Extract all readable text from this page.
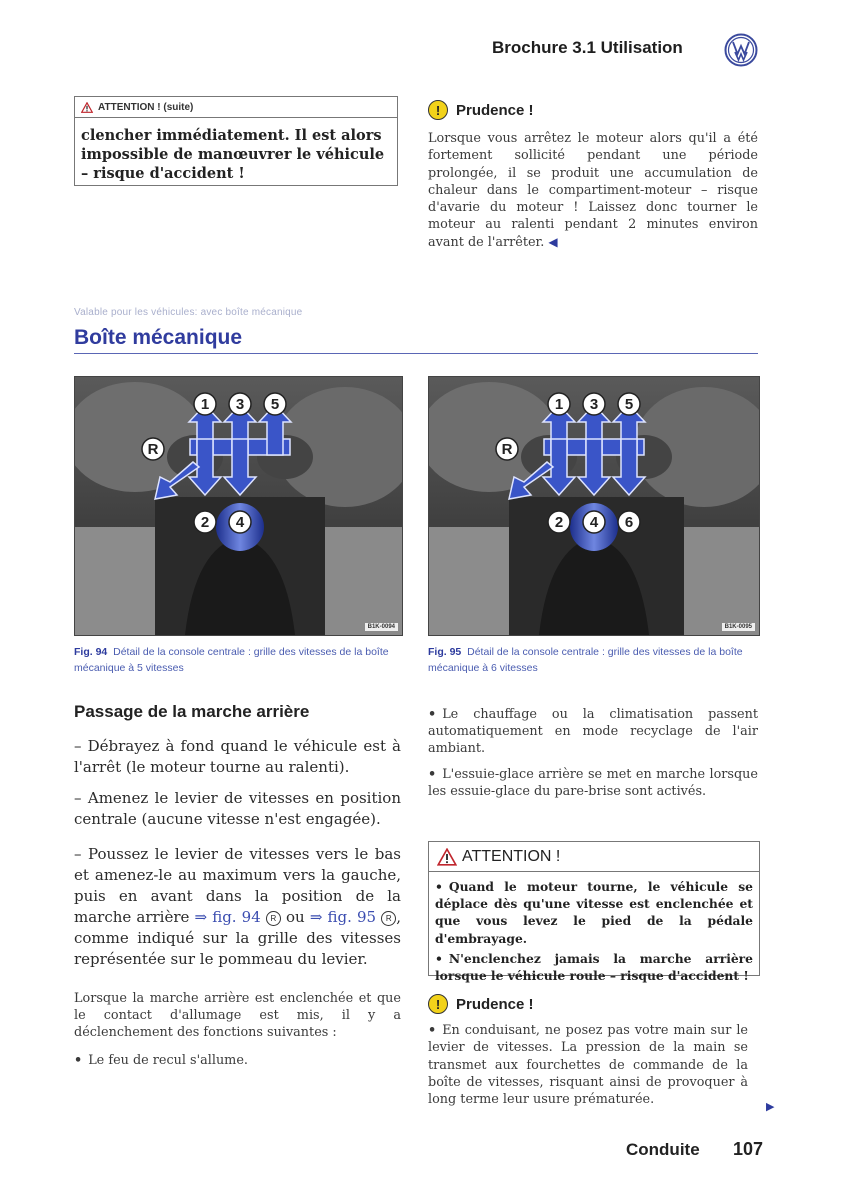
Brochure 3.1 Utilisation
ATTENTION ! (suite)
clencher immédiatement. Il est alors impossible de manœuvrer le véhicule – risque d'accident !
!	Prudence !
Lorsque vous arrêtez le moteur alors qu'il a été fortement sollicité pendant une période prolongée, il se produit une accumulation de chaleur dans le compartiment-moteur – risque d'avarie du moteur ! Laissez donc tourner le moteur au ralenti pendant 2 minutes environ avant de l'arrêter. ◀
Valable pour les véhicules: avec boîte mécanique
Boîte mécanique
1 3 5
R
2 4
B1K-0094
Fig. 94 Détail de la console centrale : grille des vitesses de la boîte mécanique à 5 vitesses
1 3 5
R
2 4 6
B1K-0095
Fig. 95 Détail de la console centrale : grille des vitesses de la boîte mécanique à 6 vitesses
Passage de la marche arrière
– Débrayez à fond quand le véhicule est à l'arrêt (le moteur tourne au ralenti).
– Amenez le levier de vitesses en position centrale (aucune vitesse n'est engagée).
– Poussez le levier de vitesses vers le bas et amenez-le au maximum vers la gauche, puis en avant dans la position de la marche arrière ⇒ fig. 94 R ou ⇒ fig. 95 R , comme indiqué sur la grille des vitesses représentée sur le pommeau du levier.
Lorsque la marche arrière est enclenchée et que le contact d'allumage est mis, il y a déclenchement des fonctions suivantes :
• Le feu de recul s'allume.
• Le chauffage ou la climatisation passent automatiquement en mode recyclage de l'air ambiant.
• L'essuie-glace arrière se met en marche lorsque les essuie-glace du pare-brise sont activés.
ATTENTION !

• Quand le moteur tourne, le véhicule se déplace dès qu'une vitesse est enclenchée et que vous levez le pied de la pédale d'embrayage.

• N'enclenchez jamais la marche arrière lorsque le véhicule roule – risque d'accident !

!	Prudence !
• En conduisant, ne posez pas votre main sur le levier de vitesses. La pression de la main se transmet aux fourchettes de commande de la boîte de vitesses, risquant ainsi de provoquer à long terme leur usure prématurée.	▶
Conduite 107
